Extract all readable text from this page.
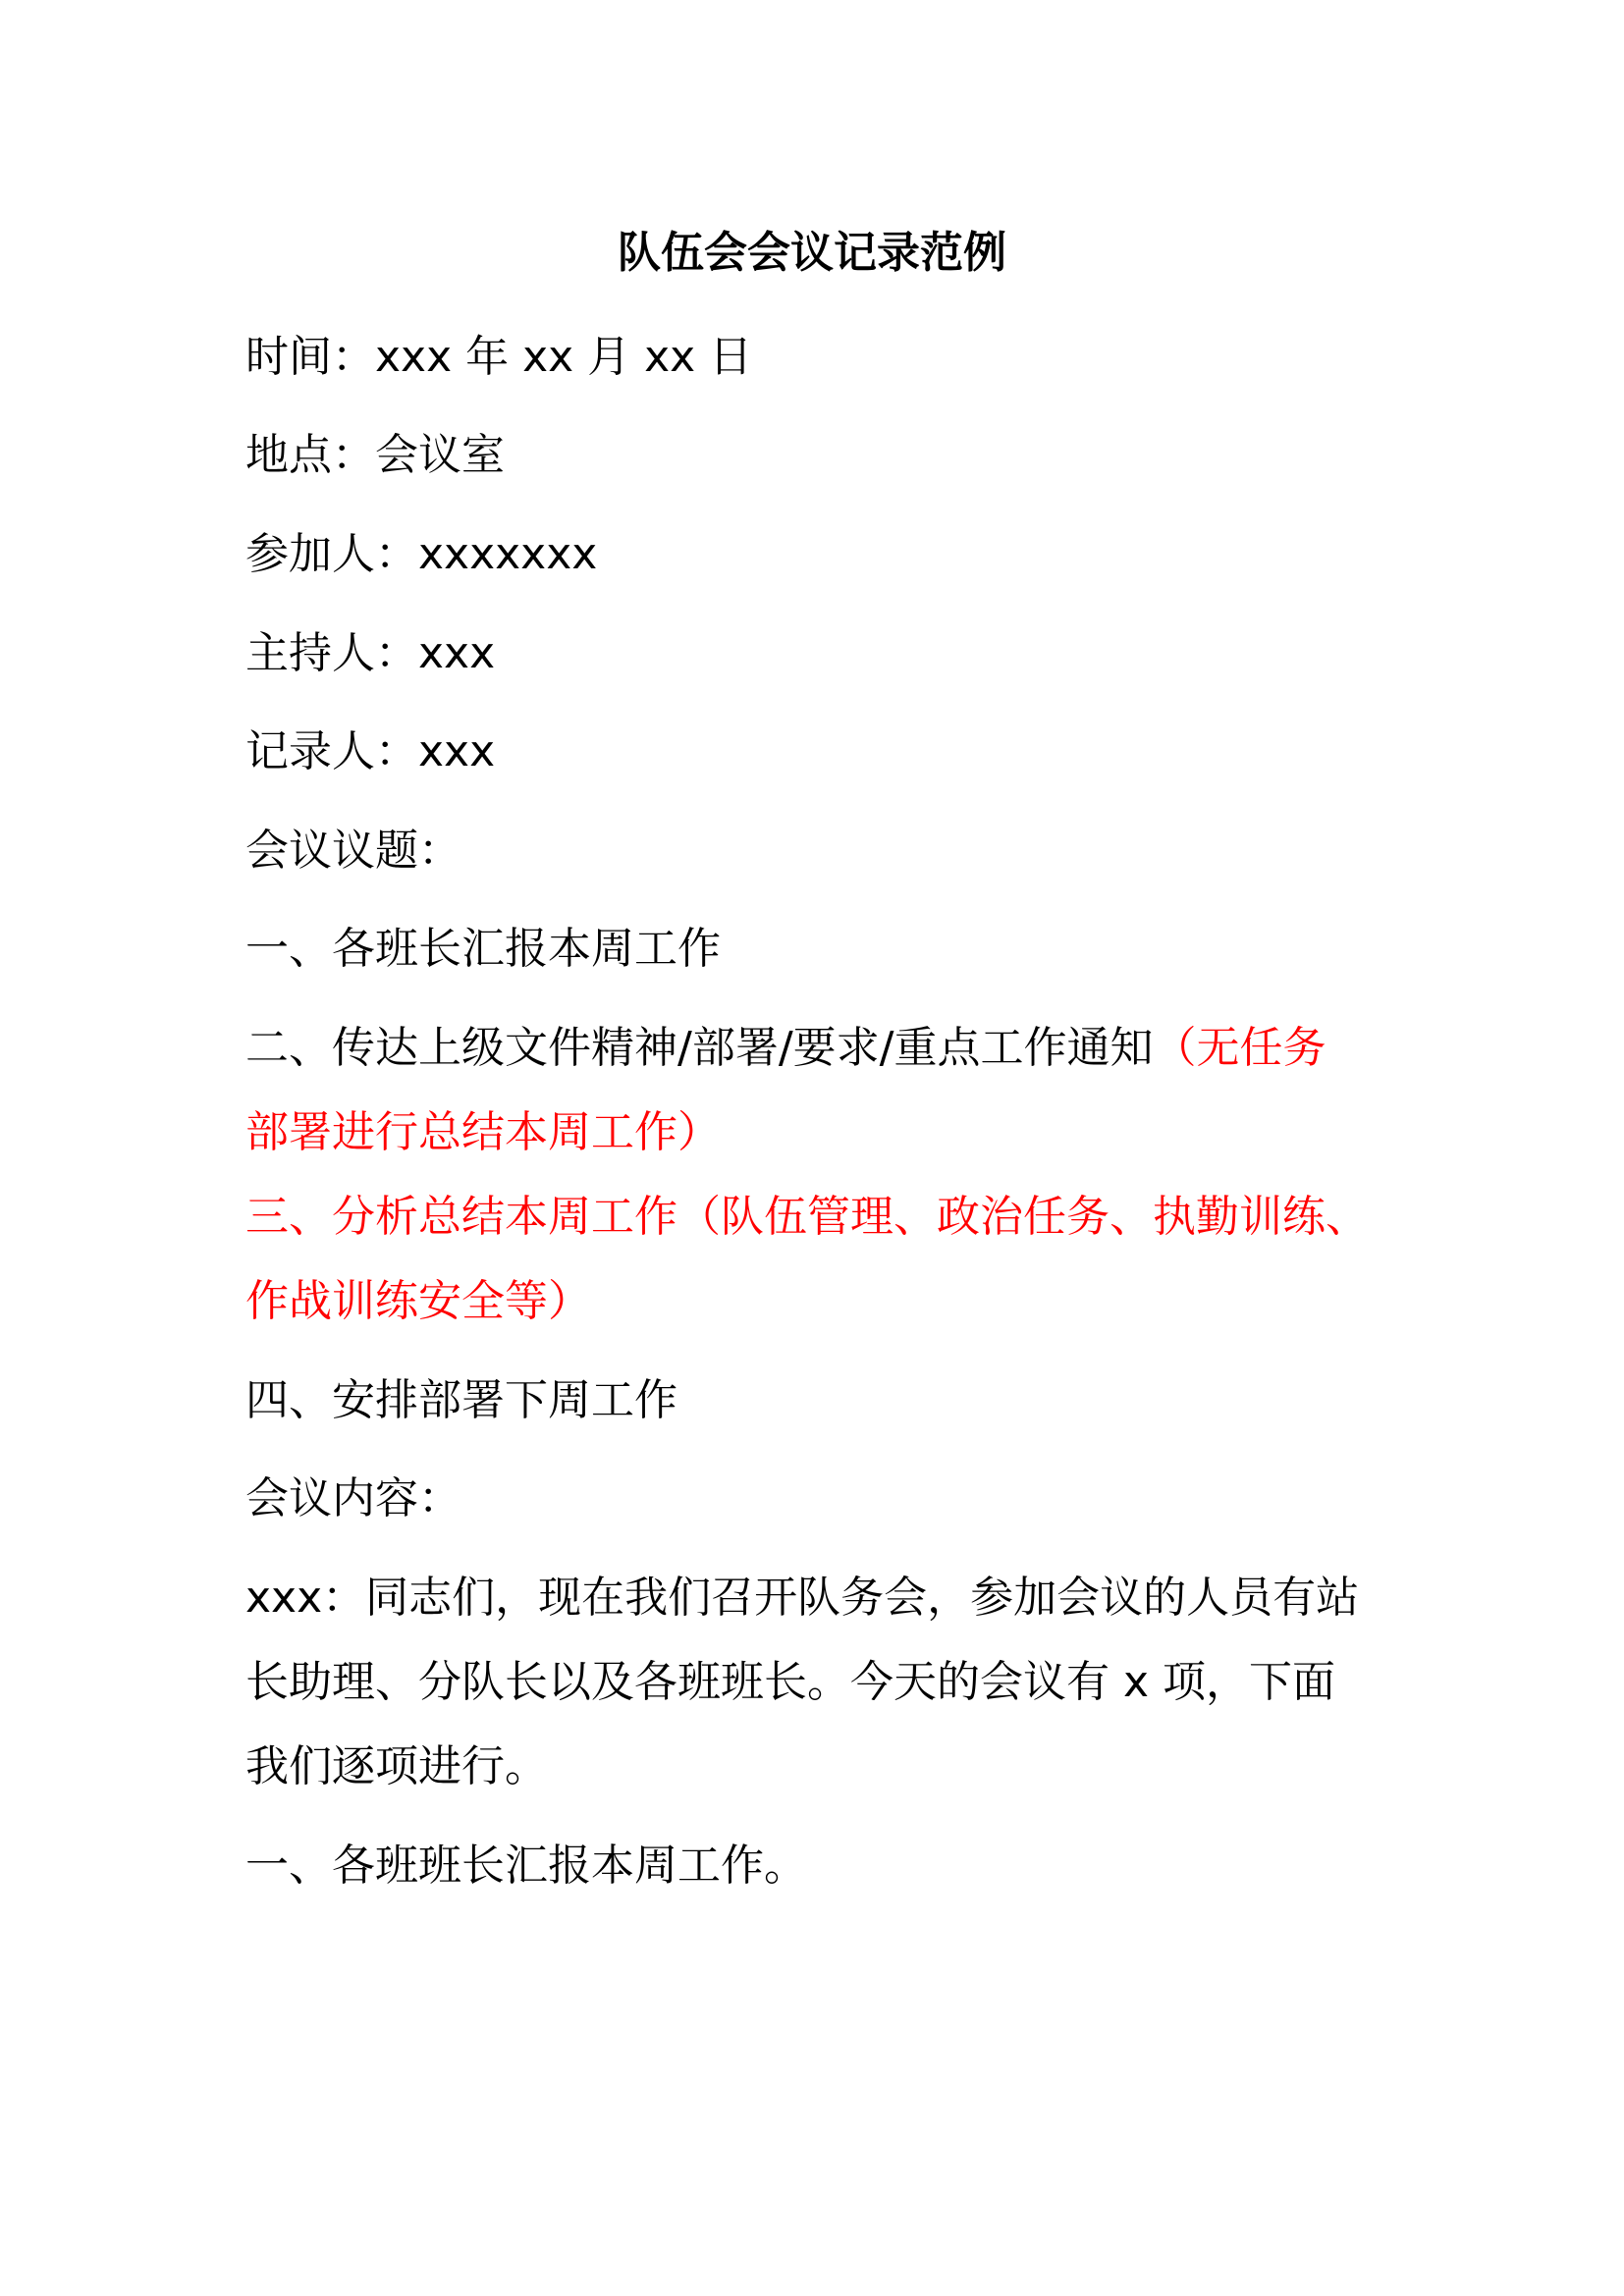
队伍会会议记录范例
时间：xxx 年 xx 月 xx 日
地点：会议室
参加人：xxxxxxx
主持人：xxx
记录人：xxx
会议议题：
一、各班长汇报本周工作
二、传达上级文件精神/部署/要求/重点工作通知（无任务
部署进行总结本周工作）
三、分析总结本周工作（队伍管理、政治任务、执勤训练、
作战训练安全等）
四、安排部署下周工作
会议内容：
xxx：同志们，现在我们召开队务会，参加会议的人员有站
长助理、分队长以及各班班长。今天的会议有 x 项，下面
我们逐项进行。
一、各班班长汇报本周工作。
